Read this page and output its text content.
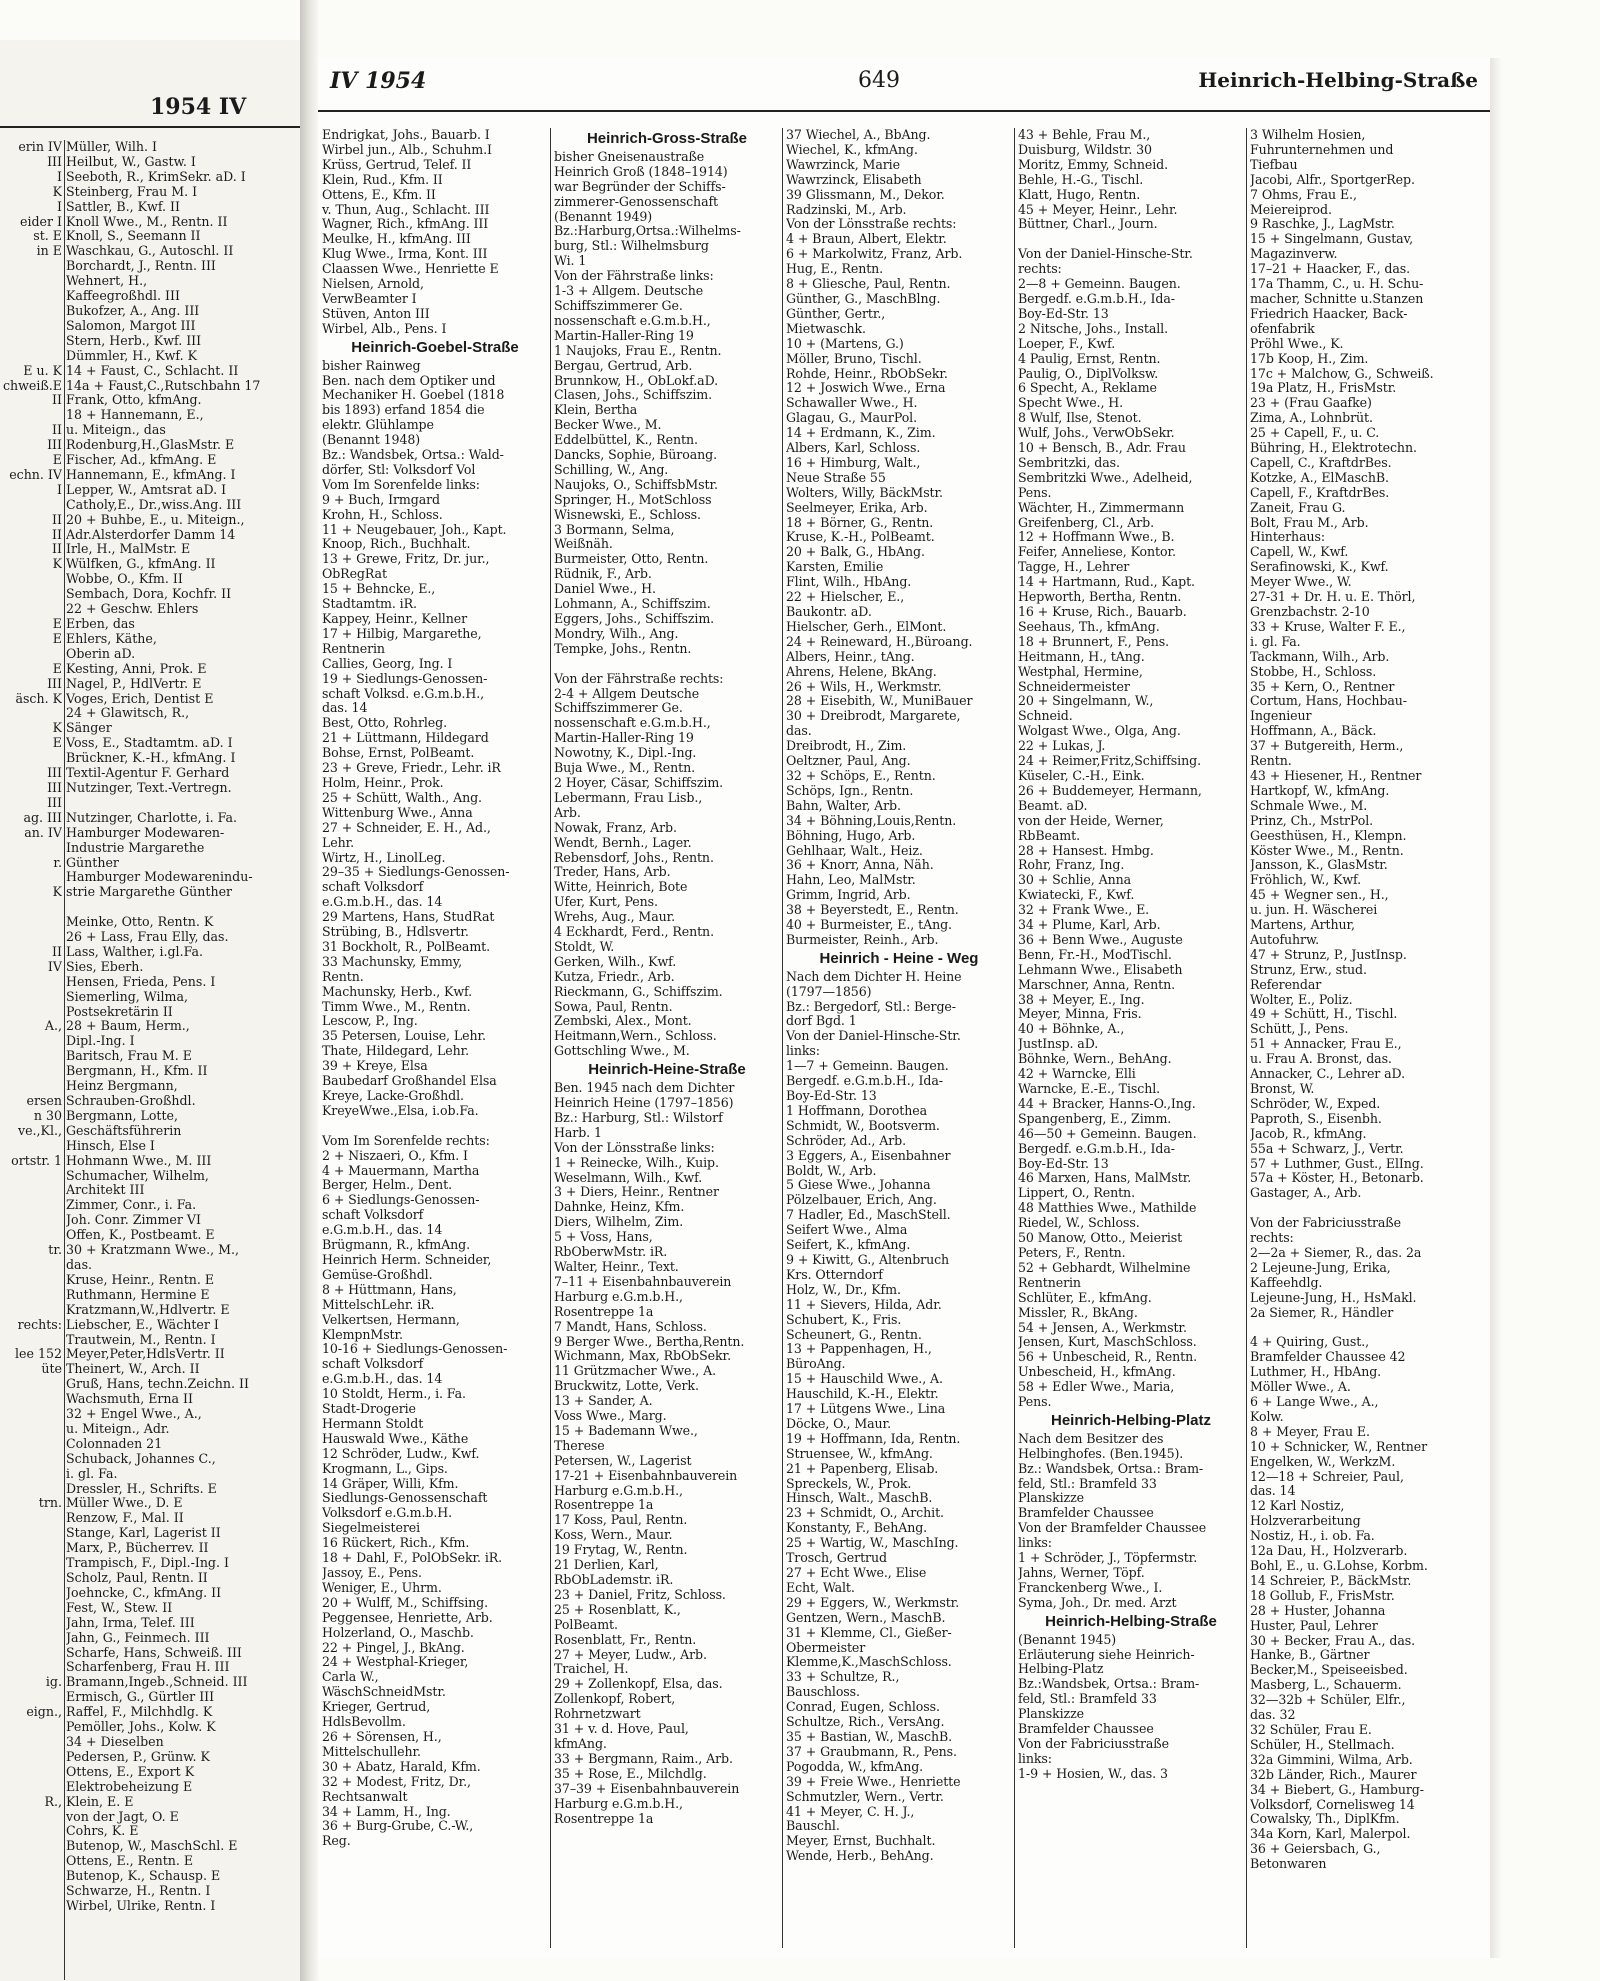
1954 IV
erin IV
III
I
K
I
eider I
st. E
in E

E u. K
chweiß.E
II

II
III
E
echn. IV
I

II
II
II
K

E
E

E
III
äsch. K

K
E

III
III
III
ag. III
an. IV

r.

K

II
IV

A.,

ersen
n 30
ve.,Kl.,

ortstr. 1

tr.

rechts:

lee 152
üte

trn.

ig.

eign.,

R.,

Müller, Wilh. I
Heilbut, W., Gastw. I
Seeboth, R., KrimSekr. aD. I
Steinberg, Frau M. I
Sattler, B., Kwf. II
Knoll Wwe., M., Rentn. II
Knoll, S., Seemann II
Waschkau, G., Autoschl. II
Borchardt, J., Rentn. III
Wehnert, H.,
Kaffeegroßhdl. III
Bukofzer, A., Ang. III
Salomon, Margot III
Stern, Herb., Kwf. III
Dümmler, H., Kwf. K
14 + Faust, C., Schlacht. II
14a + Faust,C.,Rutschbahn 17
Frank, Otto, kfmAng.
18 + Hannemann, E.,
u. Miteign., das
Rodenburg,H.,GlasMstr. E
Fischer, Ad., kfmAng. E
Hannemann, E., kfmAng. I
Lepper, W., Amtsrat aD. I
Catholy,E., Dr.,wiss.Ang. III
20 + Buhbe, E., u. Miteign.,
Adr.Alsterdorfer Damm 14
Irle, H., MalMstr. E
Wülfken, G., kfmAng. II
Wobbe, O., Kfm. II
Sembach, Dora, Kochfr. II
22 + Geschw. Ehlers
Erben, das
Ehlers, Käthe,
Oberin aD.
Kesting, Anni, Prok. E
Nagel, P., HdlVertr. E
Voges, Erich, Dentist E
24 + Glawitsch, R.,
Sänger
Voss, E., Stadtamtm. aD. I
Brückner, K.-H., kfmAng. I
Textil-Agentur F. Gerhard
Nutzinger, Text.-Vertregn.

Nutzinger, Charlotte, i. Fa.
Hamburger Modewaren-
Industrie Margarethe
Günther
Hamburger Modewarenindu-
strie Margarethe Günther

Meinke, Otto, Rentn. K
26 + Lass, Frau Elly, das.
Lass, Walther, i.gl.Fa.
Sies, Eberh.
Hensen, Frieda, Pens. I
Siemerling, Wilma,
Postsekretärin II
28 + Baum, Herm.,
Dipl.-Ing. I
Baritsch, Frau M. E
Bergmann, H., Kfm. II
Heinz Bergmann,
Schrauben-Großhdl.
Bergmann, Lotte,
Geschäftsführerin
Hinsch, Else I
Hohmann Wwe., M. III
Schumacher, Wilhelm,
Architekt III
Zimmer, Conr., i. Fa.
Joh. Conr. Zimmer VI
Offen, K., Postbeamt. E
30 + Kratzmann Wwe., M.,
das.
Kruse, Heinr., Rentn. E
Ruthmann, Hermine E
Kratzmann,W.,Hdlvertr. E
Liebscher, E., Wächter I
Trautwein, M., Rentn. I
Meyer,Peter,HdlsVertr. II
Theinert, W., Arch. II
Gruß, Hans, techn.Zeichn. II
Wachsmuth, Erna II
32 + Engel Wwe., A.,
u. Miteign., Adr.
Colonnaden 21
Schuback, Johannes C.,
i. gl. Fa.
Dressler, H., Schrifts. E
Müller Wwe., D. E
Renzow, F., Mal. II
Stange, Karl, Lagerist II
Marx, P., Bücherrev. II
Trampisch, F., Dipl.-Ing. I
Scholz, Paul, Rentn. II
Joehncke, C., kfmAng. II
Fest, W., Stew. II
Jahn, Irma, Telef. III
Jahn, G., Feinmech. III
Scharfe, Hans, Schweiß. III
Scharfenberg, Frau H. III
Bramann,Ingeb.,Schneid. III
Ermisch, G., Gürtler III
Raffel, F., Milchhdlg. K
Pemöller, Johs., Kolw. K
34 + Dieselben
Pedersen, P., Grünw. K
Ottens, E., Export K
Elektrobeheizung E
Klein, E. E
von der Jagt, O. E
Cohrs, K. E
Butenop, W., MaschSchl. E
Ottens, E., Rentn. E
Butenop, K., Schausp. E
Schwarze, H., Rentn. I
Wirbel, Ulrike, Rentn. I
IV 1954	649	Heinrich-Helbing-Straße
Endrigkat, Johs., Bauarb. I
Wirbel jun., Alb., Schuhm.I
Krüss, Gertrud, Telef. II
Klein, Rud., Kfm. II
Ottens, E., Kfm. II
v. Thun, Aug., Schlacht. III
Wagner, Rich., kfmAng. III
Meulke, H., kfmAng. III
Klug Wwe., Irma, Kont. III
Claassen Wwe., Henriette E
Nielsen, Arnold,
VerwBeamter I
Stüven, Anton III
Wirbel, Alb., Pens. I
Heinrich-Goebel-Straße
bisher Rainweg
Ben. nach dem Optiker und
Mechaniker H. Goebel (1818
bis 1893) erfand 1854 die
elektr. Glühlampe
(Benannt 1948)
Bz.: Wandsbek, Ortsa.: Wald-
dörfer, Stl: Volksdorf Vol
Vom Im Sorenfelde links:
9 + Buch, Irmgard
Krohn, H., Schloss.
11 + Neugebauer, Joh., Kapt.
Knoop, Rich., Buchhalt.
13 + Grewe, Fritz, Dr. jur.,
ObRegRat
15 + Behncke, E.,
Stadtamtm. iR.
Kappey, Heinr., Kellner
17 + Hilbig, Margarethe,
Rentnerin
Callies, Georg, Ing. I
19 + Siedlungs-Genossen-
schaft Volksd. e.G.m.b.H.,
das. 14
Best, Otto, Rohrleg.
21 + Lüttmann, Hildegard
Bohse, Ernst, PolBeamt.
23 + Greve, Friedr., Lehr. iR
Holm, Heinr., Prok.
25 + Schütt, Walth., Ang.
Wittenburg Wwe., Anna
27 + Schneider, E. H., Ad.,
Lehr.
Wirtz, H., LinolLeg.
29–35 + Siedlungs-Genossen-
schaft Volksdorf
e.G.m.b.H., das. 14
29 Martens, Hans, StudRat
Strübing, B., Hdlsvertr.
31 Bockholt, R., PolBeamt.
33 Machunsky, Emmy,
Rentn.
Machunsky, Herb., Kwf.
Timm Wwe., M., Rentn.
Lescow, P., Ing.
35 Petersen, Louise, Lehr.
Thate, Hildegard, Lehr.
39 + Kreye, Elsa
Baubedarf Großhandel Elsa
Kreye, Lacke-Großhdl.
KreyeWwe.,Elsa, i.ob.Fa.

Vom Im Sorenfelde rechts:
2 + Niszaeri, O., Kfm. I
4 + Mauermann, Martha
Berger, Helm., Dent.
6 + Siedlungs-Genossen-
schaft Volksdorf
e.G.m.b.H., das. 14
Brügmann, R., kfmAng.
Heinrich Herm. Schneider,
Gemüse-Großhdl.
8 + Hüttmann, Hans,
MittelschLehr. iR.
Velkertsen, Hermann,
KlempnMstr.
10-16 + Siedlungs-Genossen-
schaft Volksdorf
e.G.m.b.H., das. 14
10 Stoldt, Herm., i. Fa.
Stadt-Drogerie
Hermann Stoldt
Hauswald Wwe., Käthe
12 Schröder, Ludw., Kwf.
Krogmann, L., Gips.
14 Gräper, Willi, Kfm.
Siedlungs-Genossenschaft
Volksdorf e.G.m.b.H.
Siegelmeisterei
16 Rückert, Rich., Kfm.
18 + Dahl, F., PolObSekr. iR.
Jassoy, E., Pens.
Weniger, E., Uhrm.
20 + Wulff, M., Schiffsing.
Peggensee, Henriette, Arb.
Holzerland, O., Maschb.
22 + Pingel, J., BkAng.
24 + Westphal-Krieger,
Carla W.,
WäschSchneidMstr.
Krieger, Gertrud,
HdlsBevollm.
26 + Sörensen, H.,
Mittelschullehr.
30 + Abatz, Harald, Kfm.
32 + Modest, Fritz, Dr.,
Rechtsanwalt
34 + Lamm, H., Ing.
36 + Burg-Grube, C.-W.,
Reg.
Heinrich-Gross-Straße
bisher Gneisenaustraße
Heinrich Groß (1848–1914)
war Begründer der Schiffs-
zimmerer-Genossenschaft
(Benannt 1949)
Bz.:Harburg,Ortsa.:Wilhelms-
burg, Stl.: Wilhelmsburg
Wi. 1
Von der Fährstraße links:
1-3 + Allgem. Deutsche
Schiffszimmerer Ge.
nossenschaft e.G.m.b.H.,
Martin-Haller-Ring 19
1 Naujoks, Frau E., Rentn.
Bergau, Gertrud, Arb.
Brunnkow, H., ObLokf.aD.
Clasen, Johs., Schiffszim.
Klein, Bertha
Becker Wwe., M.
Eddelbüttel, K., Rentn.
Dancks, Sophie, Büroang.
Schilling, W., Ang.
Naujoks, O., SchiffsbMstr.
Springer, H., MotSchloss
Wisnewski, E., Schloss.
3 Bormann, Selma,
Weißnäh.
Burmeister, Otto, Rentn.
Rüdnik, F., Arb.
Daniel Wwe., H.
Lohmann, A., Schiffszim.
Eggers, Johs., Schiffszim.
Mondry, Wilh., Ang.
Tempke, Johs., Rentn.

Von der Fährstraße rechts:
2-4 + Allgem Deutsche
Schiffszimmerer Ge.
nossenschaft e.G.m.b.H.,
Martin-Haller-Ring 19
Nowotny, K., Dipl.-Ing.
Buja Wwe., M., Rentn.
2 Hoyer, Cäsar, Schiffszim.
Lebermann, Frau Lisb.,
Arb.
Nowak, Franz, Arb.
Wendt, Bernh., Lager.
Rebensdorf, Johs., Rentn.
Treder, Hans, Arb.
Witte, Heinrich, Bote
Ufer, Kurt, Pens.
Wrehs, Aug., Maur.
4 Eckhardt, Ferd., Rentn.
Stoldt, W.
Gerken, Wilh., Kwf.
Kutza, Friedr., Arb.
Rieckmann, G., Schiffszim.
Sowa, Paul, Rentn.
Zembski, Alex., Mont.
Heitmann,Wern., Schloss.
Gottschling Wwe., M.
Heinrich-Heine-Straße
Ben. 1945 nach dem Dichter
Heinrich Heine (1797–1856)
Bz.: Harburg, Stl.: Wilstorf
Harb. 1
Von der Lönsstraße links:
1 + Reinecke, Wilh., Kuip.
Weselmann, Wilh., Kwf.
3 + Diers, Heinr., Rentner
Dahnke, Heinz, Kfm.
Diers, Wilhelm, Zim.
5 + Voss, Hans,
RbOberwMstr. iR.
Walter, Heinr., Text.
7–11 + Eisenbahnbauverein
Harburg e.G.m.b.H.,
Rosentreppe 1a
7 Mandt, Hans, Schloss.
9 Berger Wwe., Bertha,Rentn.
Wichmann, Max, RbObSekr.
11 Grützmacher Wwe., A.
Bruckwitz, Lotte, Verk.
13 + Sander, A.
Voss Wwe., Marg.
15 + Bademann Wwe.,
Therese
Petersen, W., Lagerist
17-21 + Eisenbahnbauverein
Harburg e.G.m.b.H.,
Rosentreppe 1a
17 Koss, Paul, Rentn.
Koss, Wern., Maur.
19 Frytag, W., Rentn.
21 Derlien, Karl,
RbObLademstr. iR.
23 + Daniel, Fritz, Schloss.
25 + Rosenblatt, K.,
PolBeamt.
Rosenblatt, Fr., Rentn.
27 + Meyer, Ludw., Arb.
Traichel, H.
29 + Zollenkopf, Elsa, das.
Zollenkopf, Robert,
Rohrnetzwart
31 + v. d. Hove, Paul,
kfmAng.
33 + Bergmann, Raim., Arb.
35 + Rose, E., Milchdlg.
37–39 + Eisenbahnbauverein
Harburg e.G.m.b.H.,
Rosentreppe 1a
37 Wiechel, A., BbAng.
Wiechel, K., kfmAng.
Wawrzinck, Marie
Wawrzinck, Elisabeth
39 Glissmann, M., Dekor.
Radzinski, M., Arb.
Von der Lönsstraße rechts:
4 + Braun, Albert, Elektr.
6 + Markolwitz, Franz, Arb.
Hug, E., Rentn.
8 + Gliesche, Paul, Rentn.
Günther, G., MaschBlng.
Günther, Gertr.,
Mietwaschk.
10 + (Martens, G.)
Möller, Bruno, Tischl.
Rohde, Heinr., RbObSekr.
12 + Joswich Wwe., Erna
Schawaller Wwe., H.
Glagau, G., MaurPol.
14 + Erdmann, K., Zim.
Albers, Karl, Schloss.
16 + Himburg, Walt.,
Neue Straße 55
Wolters, Willy, BäckMstr.
Seelmeyer, Erika, Arb.
18 + Börner, G., Rentn.
Kruse, K.-H., PolBeamt.
20 + Balk, G., HbAng.
Karsten, Emilie
Flint, Wilh., HbAng.
22 + Hielscher, E.,
Baukontr. aD.
Hielscher, Gerh., ElMont.
24 + Reineward, H.,Büroang.
Albers, Heinr., tAng.
Ahrens, Helene, BkAng.
26 + Wils, H., Werkmstr.
28 + Eisebith, W., MuniBauer
30 + Dreibrodt, Margarete,
das.
Dreibrodt, H., Zim.
Oeltzner, Paul, Ang.
32 + Schöps, E., Rentn.
Schöps, Ign., Rentn.
Bahn, Walter, Arb.
34 + Böhning,Louis,Rentn.
Böhning, Hugo, Arb.
Gehlhaar, Walt., Heiz.
36 + Knorr, Anna, Näh.
Hahn, Leo, MalMstr.
Grimm, Ingrid, Arb.
38 + Beyerstedt, E., Rentn.
40 + Burmeister, E., tAng.
Burmeister, Reinh., Arb.
Heinrich - Heine - Weg
Nach dem Dichter H. Heine
(1797—1856)
Bz.: Bergedorf, Stl.: Berge-
dorf Bgd. 1
Von der Daniel-Hinsche-Str.
links:
1—7 + Gemeinn. Baugen.
Bergedf. e.G.m.b.H., Ida-
Boy-Ed-Str. 13
1 Hoffmann, Dorothea
Schmidt, W., Bootsverm.
Schröder, Ad., Arb.
3 Eggers, A., Eisenbahner
Boldt, W., Arb.
5 Giese Wwe., Johanna
Pölzelbauer, Erich, Ang.
7 Hadler, Ed., MaschStell.
Seifert Wwe., Alma
Seifert, K., kfmAng.
9 + Kiwitt, G., Altenbruch
Krs. Otterndorf
Holz, W., Dr., Kfm.
11 + Sievers, Hilda, Adr.
Schubert, K., Fris.
Scheunert, G., Rentn.
13 + Pappenhagen, H.,
BüroAng.
15 + Hauschild Wwe., A.
Hauschild, K.-H., Elektr.
17 + Lütgens Wwe., Lina
Döcke, O., Maur.
19 + Hoffmann, Ida, Rentn.
Struensee, W., kfmAng.
21 + Papenberg, Elisab.
Spreckels, W., Prok.
Hinsch, Walt., MaschB.
23 + Schmidt, O., Archit.
Konstanty, F., BehAng.
25 + Wartig, W., MaschIng.
Trosch, Gertrud
27 + Echt Wwe., Elise
Echt, Walt.
29 + Eggers, W., Werkmstr.
Gentzen, Wern., MaschB.
31 + Klemme, Cl., Gießer-
Obermeister
Klemme,K.,MaschSchloss.
33 + Schultze, R.,
Bauschloss.
Conrad, Eugen, Schloss.
Schultze, Rich., VersAng.
35 + Bastian, W., MaschB.
37 + Graubmann, R., Pens.
Pogodda, W., kfmAng.
39 + Freie Wwe., Henriette
Schmutzler, Wern., Vertr.
41 + Meyer, C. H. J.,
Bauschl.
Meyer, Ernst, Buchhalt.
Wende, Herb., BehAng.
43 + Behle, Frau M.,
Duisburg, Wildstr. 30
Moritz, Emmy, Schneid.
Behle, H.-G., Tischl.
Klatt, Hugo, Rentn.
45 + Meyer, Heinr., Lehr.
Büttner, Charl., Journ.

Von der Daniel-Hinsche-Str.
rechts:
2—8 + Gemeinn. Baugen.
Bergedf. e.G.m.b.H., Ida-
Boy-Ed-Str. 13
2 Nitsche, Johs., Install.
Loeper, F., Kwf.
4 Paulig, Ernst, Rentn.
Paulig, O., DiplVolksw.
6 Specht, A., Reklame
Specht Wwe., H.
8 Wulf, Ilse, Stenot.
Wulf, Johs., VerwObSekr.
10 + Bensch, B., Adr. Frau
Sembritzki, das.
Sembritzki Wwe., Adelheid,
Pens.
Wächter, H., Zimmermann
Greifenberg, Cl., Arb.
12 + Hoffmann Wwe., B.
Feifer, Anneliese, Kontor.
Tagge, H., Lehrer
14 + Hartmann, Rud., Kapt.
Hepworth, Bertha, Rentn.
16 + Kruse, Rich., Bauarb.
Seehaus, Th., kfmAng.
18 + Brunnert, F., Pens.
Heitmann, H., tAng.
Westphal, Hermine,
Schneidermeister
20 + Singelmann, W.,
Schneid.
Wolgast Wwe., Olga, Ang.
22 + Lukas, J.
24 + Reimer,Fritz,Schiffsing.
Küseler, C.-H., Eink.
26 + Buddemeyer, Hermann,
Beamt. aD.
von der Heide, Werner,
RbBeamt.
28 + Hansest. Hmbg.
Rohr, Franz, Ing.
30 + Schlie, Anna
Kwiatecki, F., Kwf.
32 + Frank Wwe., E.
34 + Plume, Karl, Arb.
36 + Benn Wwe., Auguste
Benn, Fr.-H., ModTischl.
Lehmann Wwe., Elisabeth
Marschner, Anna, Rentn.
38 + Meyer, E., Ing.
Meyer, Minna, Fris.
40 + Böhnke, A.,
JustInsp. aD.
Böhnke, Wern., BehAng.
42 + Warncke, Elli
Warncke, E.-E., Tischl.
44 + Bracker, Hanns-O.,Ing.
Spangenberg, E., Zimm.
46—50 + Gemeinn. Baugen.
Bergedf. e.G.m.b.H., Ida-
Boy-Ed-Str. 13
46 Marxen, Hans, MalMstr.
Lippert, O., Rentn.
48 Matthies Wwe., Mathilde
Riedel, W., Schloss.
50 Manow, Otto., Meierist
Peters, F., Rentn.
52 + Gebhardt, Wilhelmine
Rentnerin
Schlüter, E., kfmAng.
Missler, R., BkAng.
54 + Jensen, A., Werkmstr.
Jensen, Kurt, MaschSchloss.
56 + Unbescheid, R., Rentn.
Unbescheid, H., kfmAng.
58 + Edler Wwe., Maria,
Pens.
Heinrich-Helbing-Platz
Nach dem Besitzer des
Helbinghofes. (Ben.1945).
Bz.: Wandsbek, Ortsa.: Bram-
feld, Stl.: Bramfeld 33
Planskizze
Bramfelder Chaussee
Von der Bramfelder Chaussee
links:
1 + Schröder, J., Töpfermstr.
Jahns, Werner, Töpf.
Franckenberg Wwe., I.
Syma, Joh., Dr. med. Arzt
Heinrich-Helbing-Straße
(Benannt 1945)
Erläuterung siehe Heinrich-
Helbing-Platz
Bz.:Wandsbek, Ortsa.: Bram-
feld, Stl.: Bramfeld 33
Planskizze
Bramfelder Chaussee
Von der Fabriciusstraße
links:
1-9 + Hosien, W., das. 3
3 Wilhelm Hosien,
Fuhrunternehmen und
Tiefbau
Jacobi, Alfr., SportgerRep.
7 Ohms, Frau E.,
Meiereiprod.
9 Raschke, J., LagMstr.
15 + Singelmann, Gustav,
Magazinverw.
17–21 + Haacker, F., das.
17a Thamm, C., u. H. Schu-
macher, Schnitte u.Stanzen
Friedrich Haacker, Back-
ofenfabrik
Pröhl Wwe., K.
17b Koop, H., Zim.
17c + Malchow, G., Schweiß.
19a Platz, H., FrisMstr.
23 + (Frau Gaafke)
Zima, A., Lohnbrüt.
25 + Capell, F., u. C.
Bühring, H., Elektrotechn.
Capell, C., KraftdrBes.
Kotzke, A., ElMaschB.
Capell, F., KraftdrBes.
Zaneit, Frau G.
Bolt, Frau M., Arb.
Hinterhaus:
Capell, W., Kwf.
Serafinowski, K., Kwf.
Meyer Wwe., W.
27-31 + Dr. H. u. E. Thörl,
Grenzbachstr. 2-10
33 + Kruse, Walter F. E.,
i. gl. Fa.
Tackmann, Wilh., Arb.
Stobbe, H., Schloss.
35 + Kern, O., Rentner
Cortum, Hans, Hochbau-
Ingenieur
Hoffmann, A., Bäck.
37 + Butgereith, Herm.,
Rentn.
43 + Hiesener, H., Rentner
Hartkopf, W., kfmAng.
Schmale Wwe., M.
Prinz, Ch., MstrPol.
Geesthüsen, H., Klempn.
Köster Wwe., M., Rentn.
Jansson, K., GlasMstr.
Fröhlich, W., Kwf.
45 + Wegner sen., H.,
u. jun. H. Wäscherei
Martens, Arthur,
Autofuhrw.
47 + Strunz, P., JustInsp.
Strunz, Erw., stud.
Referendar
Wolter, E., Poliz.
49 + Schütt, H., Tischl.
Schütt, J., Pens.
51 + Annacker, Frau E.,
u. Frau A. Bronst, das.
Annacker, C., Lehrer aD.
Bronst, W.
Schröder, W., Exped.
Paproth, S., Eisenbh.
Jacob, R., kfmAng.
55a + Schwarz, J., Vertr.
57 + Luthmer, Gust., ElIng.
57a + Köster, H., Betonarb.
Gastager, A., Arb.

Von der Fabriciusstraße
rechts:
2—2a + Siemer, R., das. 2a
2 Lejeune-Jung, Erika,
Kaffeehdlg.
Lejeune-Jung, H., HsMakl.
2a Siemer, R., Händler

4 + Quiring, Gust.,
Bramfelder Chaussee 42
Luthmer, H., HbAng.
Möller Wwe., A.
6 + Lange Wwe., A.,
Kolw.
8 + Meyer, Frau E.
10 + Schnicker, W., Rentner
Engelken, W., WerkzM.
12—18 + Schreier, Paul,
das. 14
12 Karl Nostiz,
Holzverarbeitung
Nostiz, H., i. ob. Fa.
12a Dau, H., Holzverarb.
Bohl, E., u. G.Lohse, Korbm.
14 Schreier, P., BäckMstr.
18 Gollub, F., FrisMstr.
28 + Huster, Johanna
Huster, Paul, Lehrer
30 + Becker, Frau A., das.
Hanke, B., Gärtner
Becker,M., Speiseeisbed.
Masberg, L., Schauerm.
32—32b + Schüler, Elfr.,
das. 32
32 Schüler, Frau E.
Schüler, H., Stellmach.
32a Gimmini, Wilma, Arb.
32b Länder, Rich., Maurer
34 + Biebert, G., Hamburg-
Volksdorf, Cornelisweg 14
Cowalsky, Th., DiplKfm.
34a Korn, Karl, Malerpol.
36 + Geiersbach, G.,
Betonwaren
